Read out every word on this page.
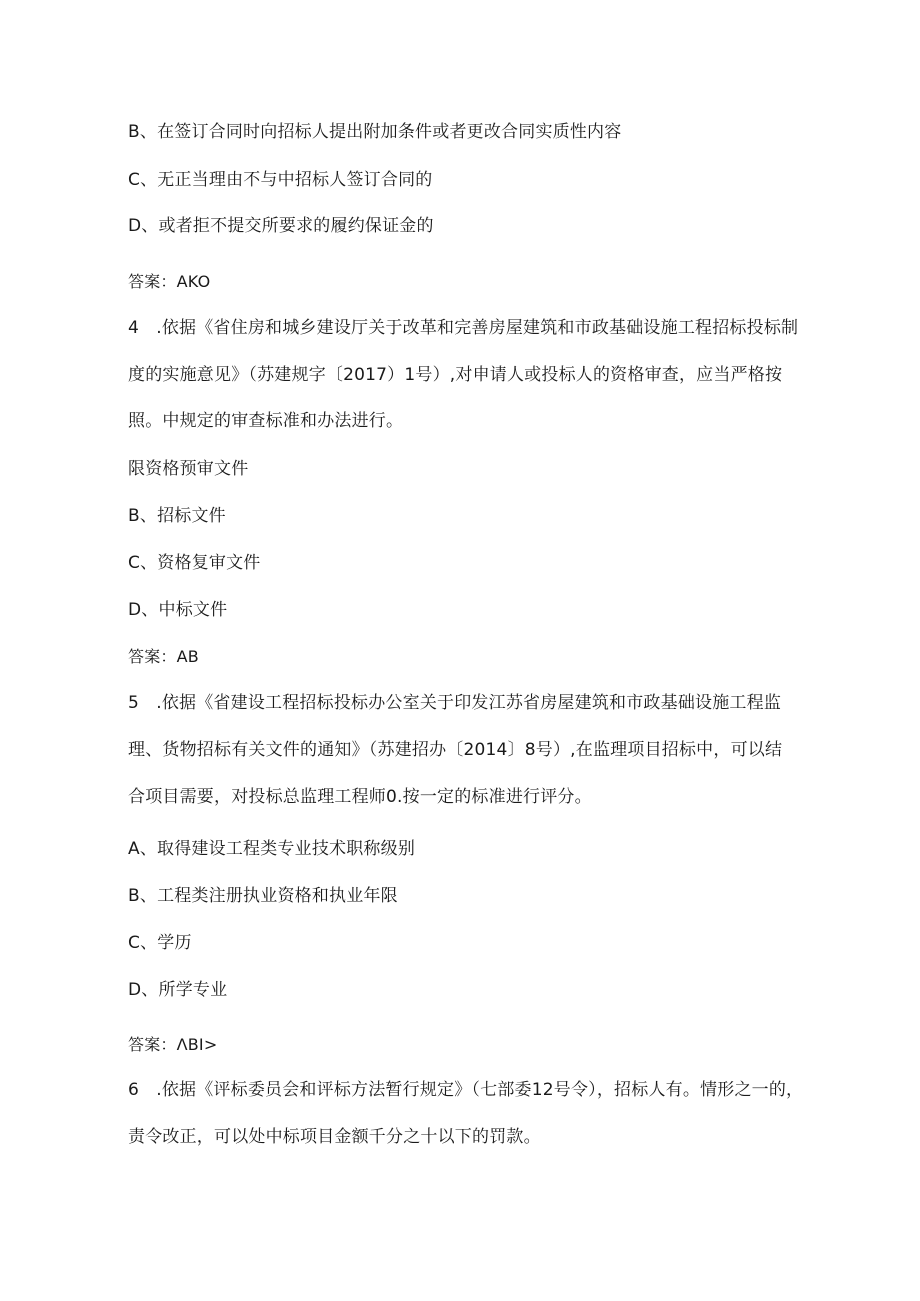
B、在签订合同时向招标人提出附加条件或者更改合同实质性内容
C、无正当理由不与中招标人签订合同的
D、或者拒不提交所要求的履约保证金的
答案：AKO
4　.依据《省住房和城乡建设厅关于改革和完善房屋建筑和市政基础设施工程招标投标制
度的实施意见》（苏建规字〔2017）1号）,对申请人或投标人的资格审查，应当严格按
照。中规定的审查标准和办法进行。
限资格预审文件
B、招标文件
C、资格复审文件
D、中标文件
答案：AB
5　.依据《省建设工程招标投标办公室关于印发江苏省房屋建筑和市政基础设施工程监
理、货物招标有关文件的通知》（苏建招办〔2014〕8号）,在监理项目招标中，可以结
合项目需要，对投标总监理工程师0.按一定的标准进行评分。
A、取得建设工程类专业技术职称级别
B、工程类注册执业资格和执业年限
C、学历
D、所学专业
答案：ΛBI>
6　.依据《评标委员会和评标方法暂行规定》（七部委12号令），招标人有。情形之一的，
责令改正，可以处中标项目金额千分之十以下的罚款。
